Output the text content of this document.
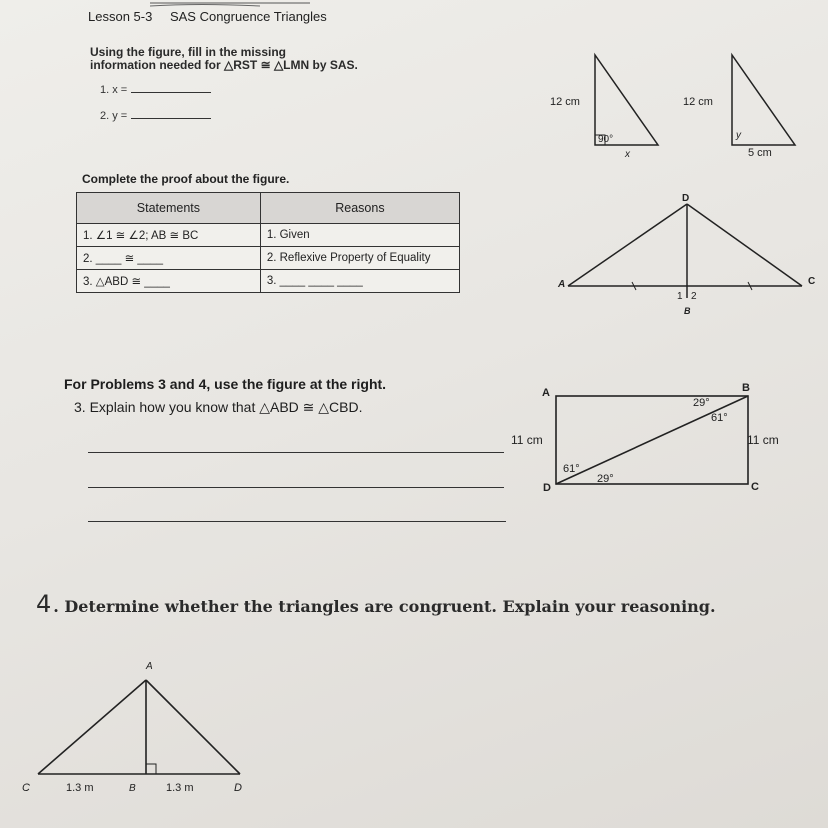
Lesson 5-3 SAS Congruence Triangles
Using the figure, fill in the missing
information needed for △RST ≅ △LMN by SAS.
1. x =
2. y =
12 cm
90°
x
12 cm
y
5 cm
Complete the proof about the figure.
Statements	Reasons
1. ∠1 ≅ ∠2; AB ≅ BC	1. Given
2. ____ ≅ ____	2. Reflexive Property of Equality
3. △ABD ≅ ____	3. ____ ____ ____
D
A	C
B
1 2
For Problems 3 and 4, use the figure at the right.
3. Explain how you know that △ABD ≅ △CBD.
A	B
C
D
11 cm	11 cm
29°
61°
61°
29°
4 . Determine whether the triangles are congruent. Explain your reasoning.
A
C	B	D
1.3 m	1.3 m
